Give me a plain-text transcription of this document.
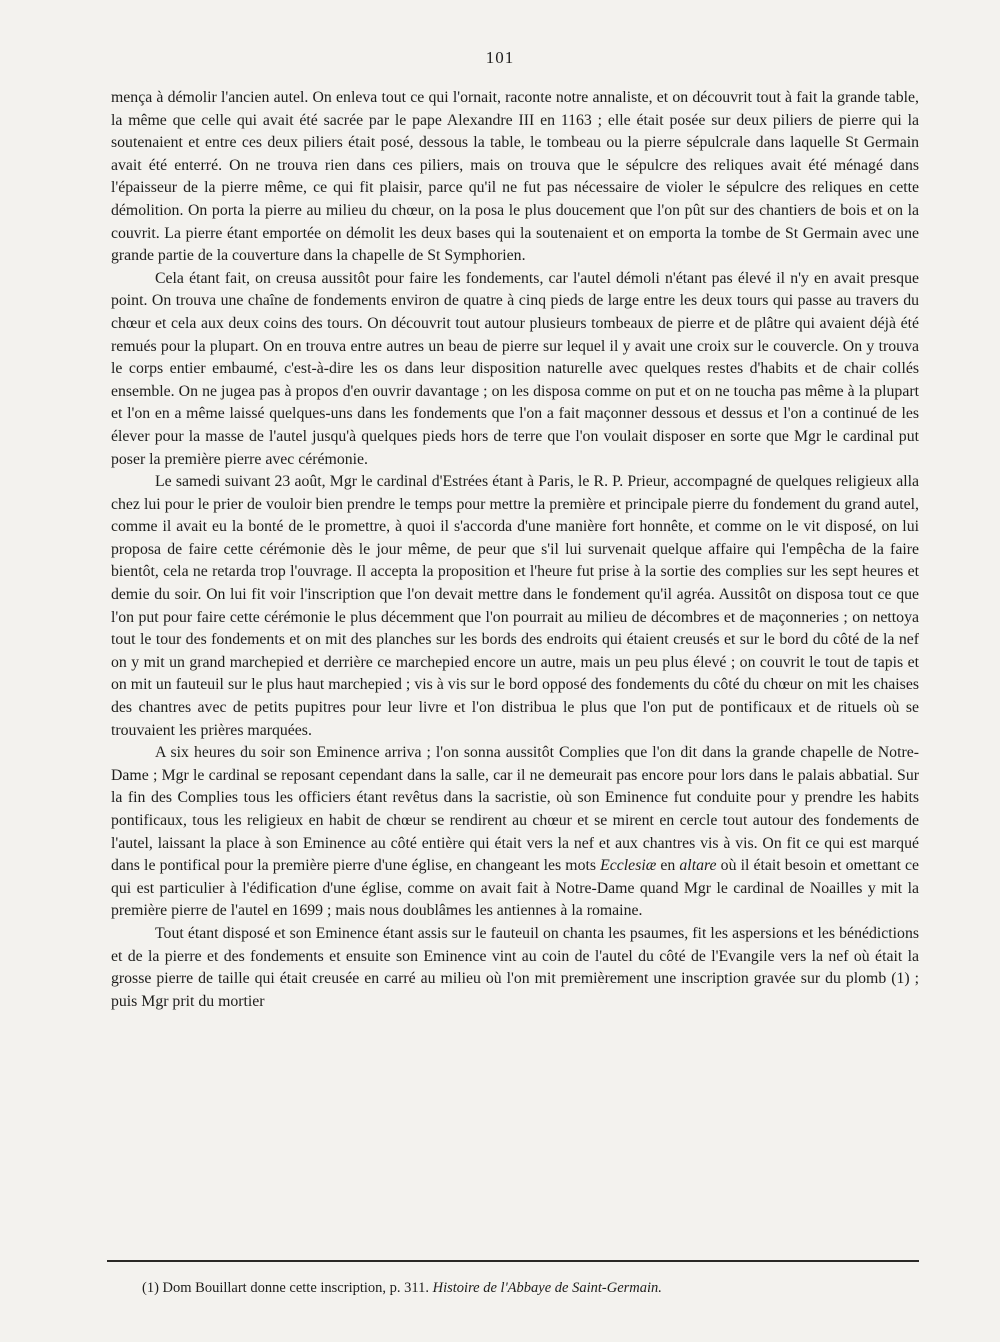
101

mença à démolir l'ancien autel. On enleva tout ce qui l'ornait, raconte notre annaliste, et on découvrit tout à fait la grande table, la même que celle qui avait été sacrée par le pape Alexandre III en 1163 ; elle était posée sur deux piliers de pierre qui la soutenaient et entre ces deux piliers était posé, dessous la table, le tombeau ou la pierre sépulcrale dans laquelle St Germain avait été enterré. On ne trouva rien dans ces piliers, mais on trouva que le sépulcre des reliques avait été ménagé dans l'épaisseur de la pierre même, ce qui fit plaisir, parce qu'il ne fut pas nécessaire de violer le sépulcre des reliques en cette démolition. On porta la pierre au milieu du chœur, on la posa le plus doucement que l'on pût sur des chantiers de bois et on la couvrit. La pierre étant emportée on démolit les deux bases qui la soutenaient et on emporta la tombe de St Germain avec une grande partie de la couverture dans la chapelle de St Symphorien.

Cela étant fait, on creusa aussitôt pour faire les fondements, car l'autel démoli n'étant pas élevé il n'y en avait presque point. On trouva une chaîne de fondements environ de quatre à cinq pieds de large entre les deux tours qui passe au travers du chœur et cela aux deux coins des tours. On découvrit tout autour plusieurs tombeaux de pierre et de plâtre qui avaient déjà été remués pour la plupart. On en trouva entre autres un beau de pierre sur lequel il y avait une croix sur le couvercle. On y trouva le corps entier embaumé, c'est-à-dire les os dans leur disposition naturelle avec quelques restes d'habits et de chair collés ensemble. On ne jugea pas à propos d'en ouvrir davantage ; on les disposa comme on put et on ne toucha pas même à la plupart et l'on en a même laissé quelques-uns dans les fondements que l'on a fait maçonner dessous et dessus et l'on a continué de les élever pour la masse de l'autel jusqu'à quelques pieds hors de terre que l'on voulait disposer en sorte que Mgr le cardinal put poser la première pierre avec cérémonie.

Le samedi suivant 23 août, Mgr le cardinal d'Estrées étant à Paris, le R. P. Prieur, accompagné de quelques religieux alla chez lui pour le prier de vouloir bien prendre le temps pour mettre la première et principale pierre du fondement du grand autel, comme il avait eu la bonté de le promettre, à quoi il s'accorda d'une manière fort honnête, et comme on le vit disposé, on lui proposa de faire cette cérémonie dès le jour même, de peur que s'il lui survenait quelque affaire qui l'empêcha de la faire bientôt, cela ne retarda trop l'ouvrage. Il accepta la proposition et l'heure fut prise à la sortie des complies sur les sept heures et demie du soir. On lui fit voir l'inscription que l'on devait mettre dans le fondement qu'il agréa. Aussitôt on disposa tout ce que l'on put pour faire cette cérémonie le plus décemment que l'on pourrait au milieu de décombres et de maçonneries ; on nettoya tout le tour des fondements et on mit des planches sur les bords des endroits qui étaient creusés et sur le bord du côté de la nef on y mit un grand marchepied et derrière ce marchepied encore un autre, mais un peu plus élevé ; on couvrit le tout de tapis et on mit un fauteuil sur le plus haut marchepied ; vis à vis sur le bord opposé des fondements du côté du chœur on mit les chaises des chantres avec de petits pupitres pour leur livre et l'on distribua le plus que l'on put de pontificaux et de rituels où se trouvaient les prières marquées.

A six heures du soir son Eminence arriva ; l'on sonna aussitôt Complies que l'on dit dans la grande chapelle de Notre-Dame ; Mgr le cardinal se reposant cependant dans la salle, car il ne demeurait pas encore pour lors dans le palais abbatial. Sur la fin des Complies tous les officiers étant revêtus dans la sacristie, où son Eminence fut conduite pour y prendre les habits pontificaux, tous les religieux en habit de chœur se rendirent au chœur et se mirent en cercle tout autour des fondements de l'autel, laissant la place à son Eminence au côté entière qui était vers la nef et aux chantres vis à vis. On fit ce qui est marqué dans le pontifical pour la première pierre d'une église, en changeant les mots Ecclesiæ en altare où il était besoin et omettant ce qui est particulier à l'édification d'une église, comme on avait fait à Notre-Dame quand Mgr le cardinal de Noailles y mit la première pierre de l'autel en 1699 ; mais nous doublâmes les antiennes à la romaine.

Tout étant disposé et son Eminence étant assis sur le fauteuil on chanta les psaumes, fit les aspersions et les bénédictions et de la pierre et des fondements et ensuite son Eminence vint au coin de l'autel du côté de l'Evangile vers la nef où était la grosse pierre de taille qui était creusée en carré au milieu où l'on mit premièrement une inscription gravée sur du plomb (1) ; puis Mgr prit du mortier

(1) Dom Bouillart donne cette inscription, p. 311. Histoire de l'Abbaye de Saint-Germain.
